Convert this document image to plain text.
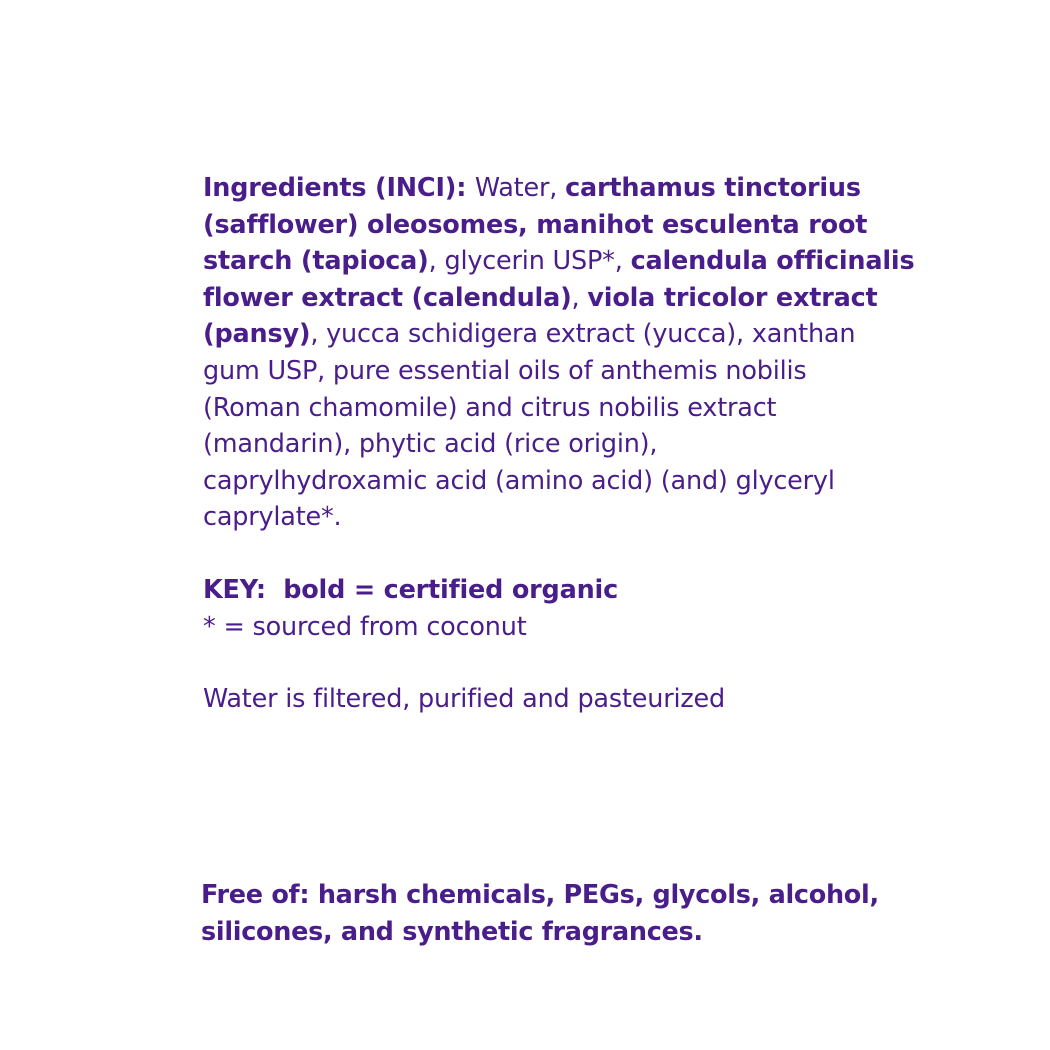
Ingredients (INCI): Water, carthamus tinctorius
(safflower) oleosomes, manihot esculenta root
starch (tapioca), glycerin USP*, calendula officinalis
flower extract (calendula), viola tricolor extract
(pansy), yucca schidigera extract (yucca), xanthan
gum USP, pure essential oils of anthemis nobilis
(Roman chamomile) and citrus nobilis extract
(mandarin), phytic acid (rice origin),
caprylhydroxamic acid (amino acid) (and) glyceryl
caprylate*.
KEY:  bold = certified organic
* = sourced from coconut
Water is filtered, purified and pasteurized
Free of: harsh chemicals, PEGs, glycols, alcohol,
silicones, and synthetic fragrances.
